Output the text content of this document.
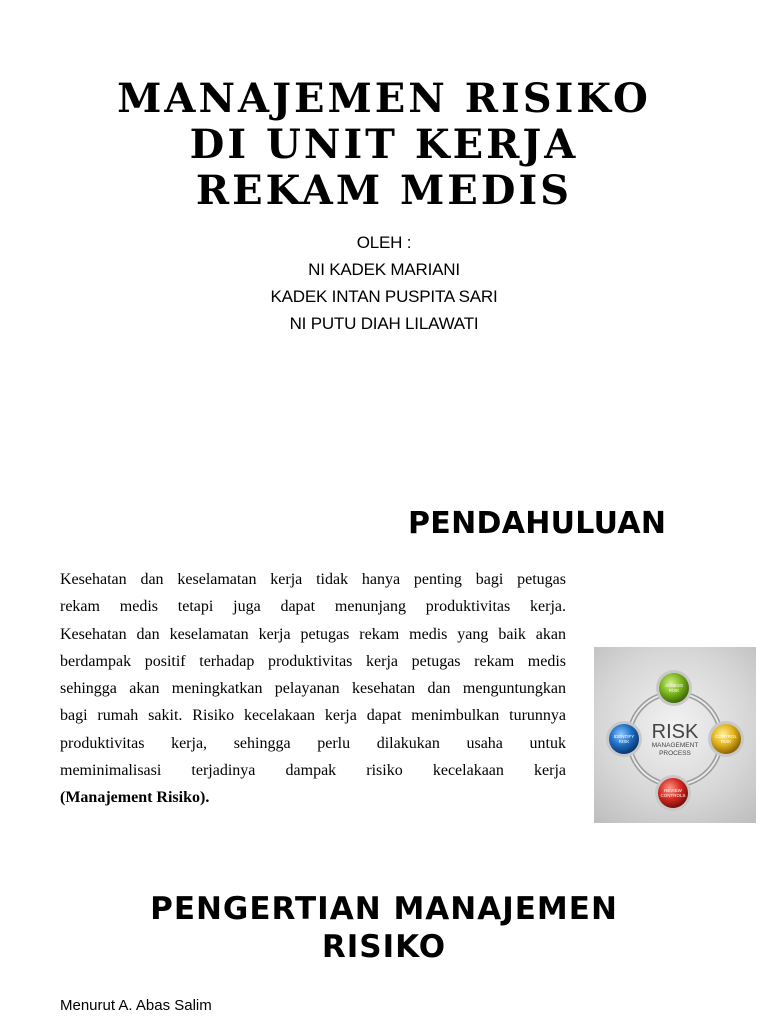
MANAJEMEN RISIKO
DI UNIT KERJA
REKAM MEDIS
OLEH :
NI KADEK MARIANI
KADEK INTAN PUSPITA SARI
NI PUTU DIAH LILAWATI
PENDAHULUAN
Kesehatan dan keselamatan kerja tidak hanya penting bagi petugas
rekam medis tetapi juga dapat menunjang produktivitas kerja.
Kesehatan dan keselamatan kerja petugas rekam medis yang baik akan
berdampak positif terhadap produktivitas kerja petugas rekam medis
sehingga akan meningkatkan pelayanan kesehatan dan menguntungkan
bagi rumah sakit. Risiko kecelakaan kerja dapat menimbulkan turunnya
produktivitas kerja, sehingga perlu dilakukan usaha untuk
meminimalisasi terjadinya dampak risiko kecelakaan kerja
(Manajement Risiko).
RISK
MANAGEMENT
PROCESS
ASSESS
RISK
CONTROL
RISK
REVIEW
CONTROLS
IDENTIFY
RISK
PENGERTIAN MANAJEMEN
RISIKO
Menurut A. Abas Salim
